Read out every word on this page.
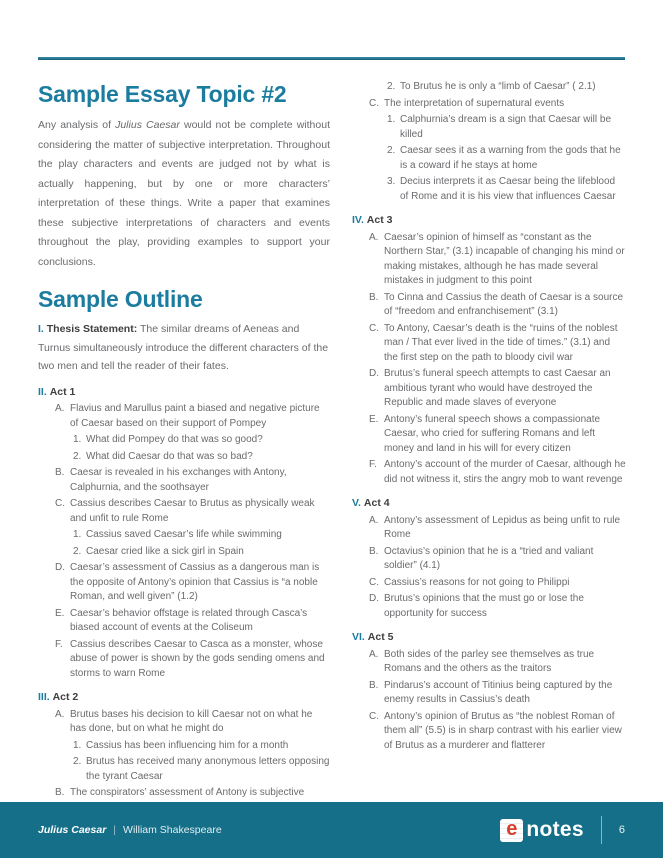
Sample Essay Topic #2

Any analysis of Julius Caesar would not be complete without considering the matter of subjective interpretation. Throughout the play characters and events are judged not by what is actually happening, but by one or more characters’ interpretation of these things. Write a paper that examines these subjective interpretations of characters and events throughout the play, providing examples to support your conclusions.

Sample Outline

I. Thesis Statement: The similar dreams of Aeneas and Turnus simultaneously introduce the different characters of the two men and tell the reader of their fates.

II. Act 1
A. Flavius and Marullus paint a biased and negative picture of Caesar based on their support of Pompey
1. What did Pompey do that was so good?
2. What did Caesar do that was so bad?
B. Caesar is revealed in his exchanges with Antony, Calphurnia, and the soothsayer
C. Cassius describes Caesar to Brutus as physically weak and unfit to rule Rome
1. Cassius saved Caesar’s life while swimming
2. Caesar cried like a sick girl in Spain
D. Caesar’s assessment of Cassius as a dangerous man is the opposite of Antony’s opinion that Cassius is “a noble Roman, and well given” (1.2)
E. Caesar’s behavior offstage is related through Casca’s biased account of events at the Coliseum
F. Cassius describes Caesar to Casca as a monster, whose abuse of power is shown by the gods sending omens and storms to warn Rome
III. Act 2
A. Brutus bases his decision to kill Caesar not on what he has done, but on what he might do
1. Cassius has been influencing him for a month
2. Brutus has received many anonymous letters opposing the tyrant Caesar
B. The conspirators’ assessment of Antony is subjective
2. To Brutus he is only a “limb of Caesar” ( 2.1)
C. The interpretation of supernatural events
1. Calphurnia’s dream is a sign that Caesar will be killed
2. Caesar sees it as a warning from the gods that he is a coward if he stays at home
3. Decius interprets it as Caesar being the lifeblood of Rome and it is his view that influences Caesar
IV. Act 3
A. Caesar’s opinion of himself as “constant as the Northern Star,” (3.1) incapable of changing his mind or making mistakes, although he has made several mistakes in judgment to this point
B. To Cinna and Cassius the death of Caesar is a source of “freedom and enfranchisement” (3.1)
C. To Antony, Caesar’s death is the “ruins of the noblest man / That ever lived in the tide of times.” (3.1) and the first step on the path to bloody civil war
D. Brutus’s funeral speech attempts to cast Caesar an ambitious tyrant who would have destroyed the Republic and made slaves of everyone
E. Antony’s funeral speech shows a compassionate Caesar, who cried for suffering Romans and left money and land in his will for every citizen
F. Antony’s account of the murder of Caesar, although he did not witness it, stirs the angry mob to want revenge
V. Act 4
A. Antony’s assessment of Lepidus as being unfit to rule Rome
B. Octavius’s opinion that he is a “tried and valiant soldier” (4.1)
C. Cassius’s reasons for not going to Philippi
D. Brutus’s opinions that the must go or lose the opportunity for success
VI. Act 5
A. Both sides of the parley see themselves as true Romans and the others as the traitors
B. Pindarus’s account of Titinius being captured by the enemy results in Cassius’s death
C. Antony’s opinion of Brutus as “the noblest Roman of them all” (5.5) is in sharp contrast with his earlier view of Brutus as a murderer and flatterer
Julius Caesar | William Shakespeare	e notes	6
